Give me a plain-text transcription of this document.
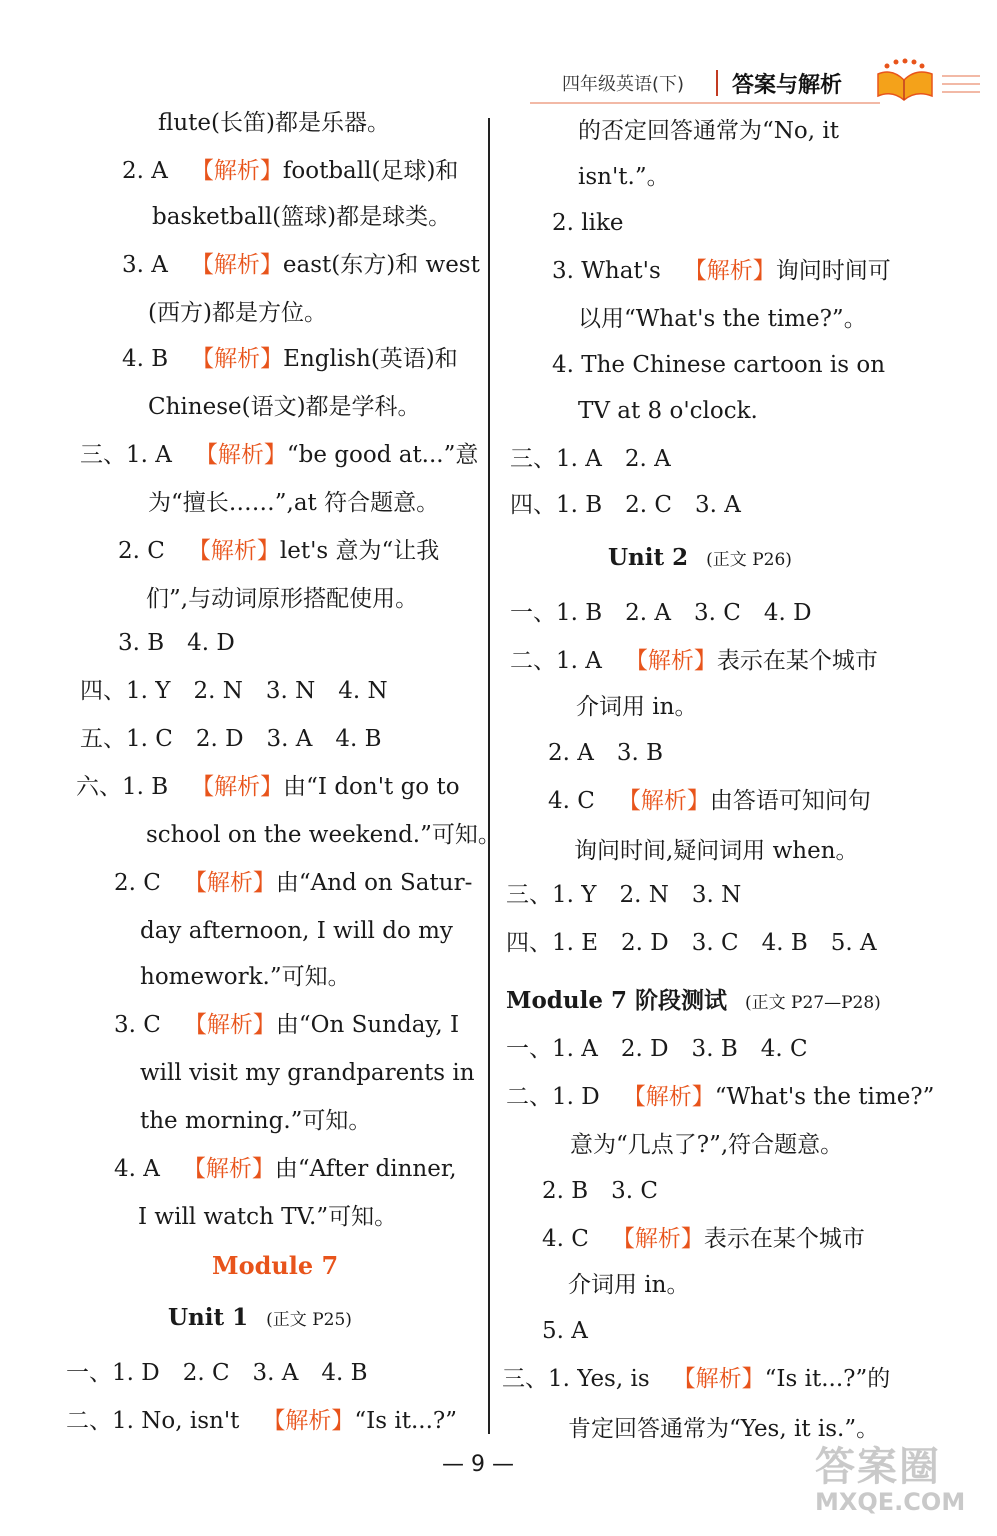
四年级英语(下) 答案与解析
flute(长笛)都是乐器。
2. A  【解析】football(足球)和
basketball(篮球)都是球类。
3. A  【解析】east(东方)和 west
(西方)都是方位。
4. B  【解析】English(英语)和
Chinese(语文)都是学科。
三、1. A  【解析】“be good at...”意
为“擅长……”,at 符合题意。
2. C  【解析】let's 意为“让我
们”,与动词原形搭配使用。
3. B　4. D
四、1. Y　2. N　3. N　4. N
五、1. C　2. D　3. A　4. B
六、1. B  【解析】由“I don't go to
school on the weekend.”可知。
2. C  【解析】由“And on Satur-
day afternoon, I will do my
homework.”可知。
3. C  【解析】由“On Sunday, I
will visit my grandparents in
the morning.”可知。
4. A  【解析】由“After dinner,
I will watch TV.”可知。
Module 7
Unit 1 (正文 P25)
一、1. D　2. C　3. A　4. B
二、1. No, isn't  【解析】“Is it...?”
的否定回答通常为“No, it
isn't.”。
2. like
3. What's  【解析】询问时间可
以用“What's the time?”。
4. The Chinese cartoon is on
TV at 8 o'clock.
三、1. A　2. A
四、1. B　2. C　3. A
Unit 2 (正文 P26)
一、1. B　2. A　3. C　4. D
二、1. A  【解析】表示在某个城市
介词用 in。
2. A　3. B
4. C  【解析】由答语可知问句
询问时间,疑问词用 when。
三、1. Y　2. N　3. N
四、1. E　2. D　3. C　4. B　5. A
Module 7 阶段测试 (正文 P27—P28)
一、1. A　2. D　3. B　4. C
二、1. D  【解析】“What's the time?”
意为“几点了?”,符合题意。
2. B　3. C
4. C  【解析】表示在某个城市
介词用 in。
5. A
三、1. Yes, is  【解析】“Is it...?”的
肯定回答通常为“Yes, it is.”。
— 9 —	答案圈
MXQE.COM
